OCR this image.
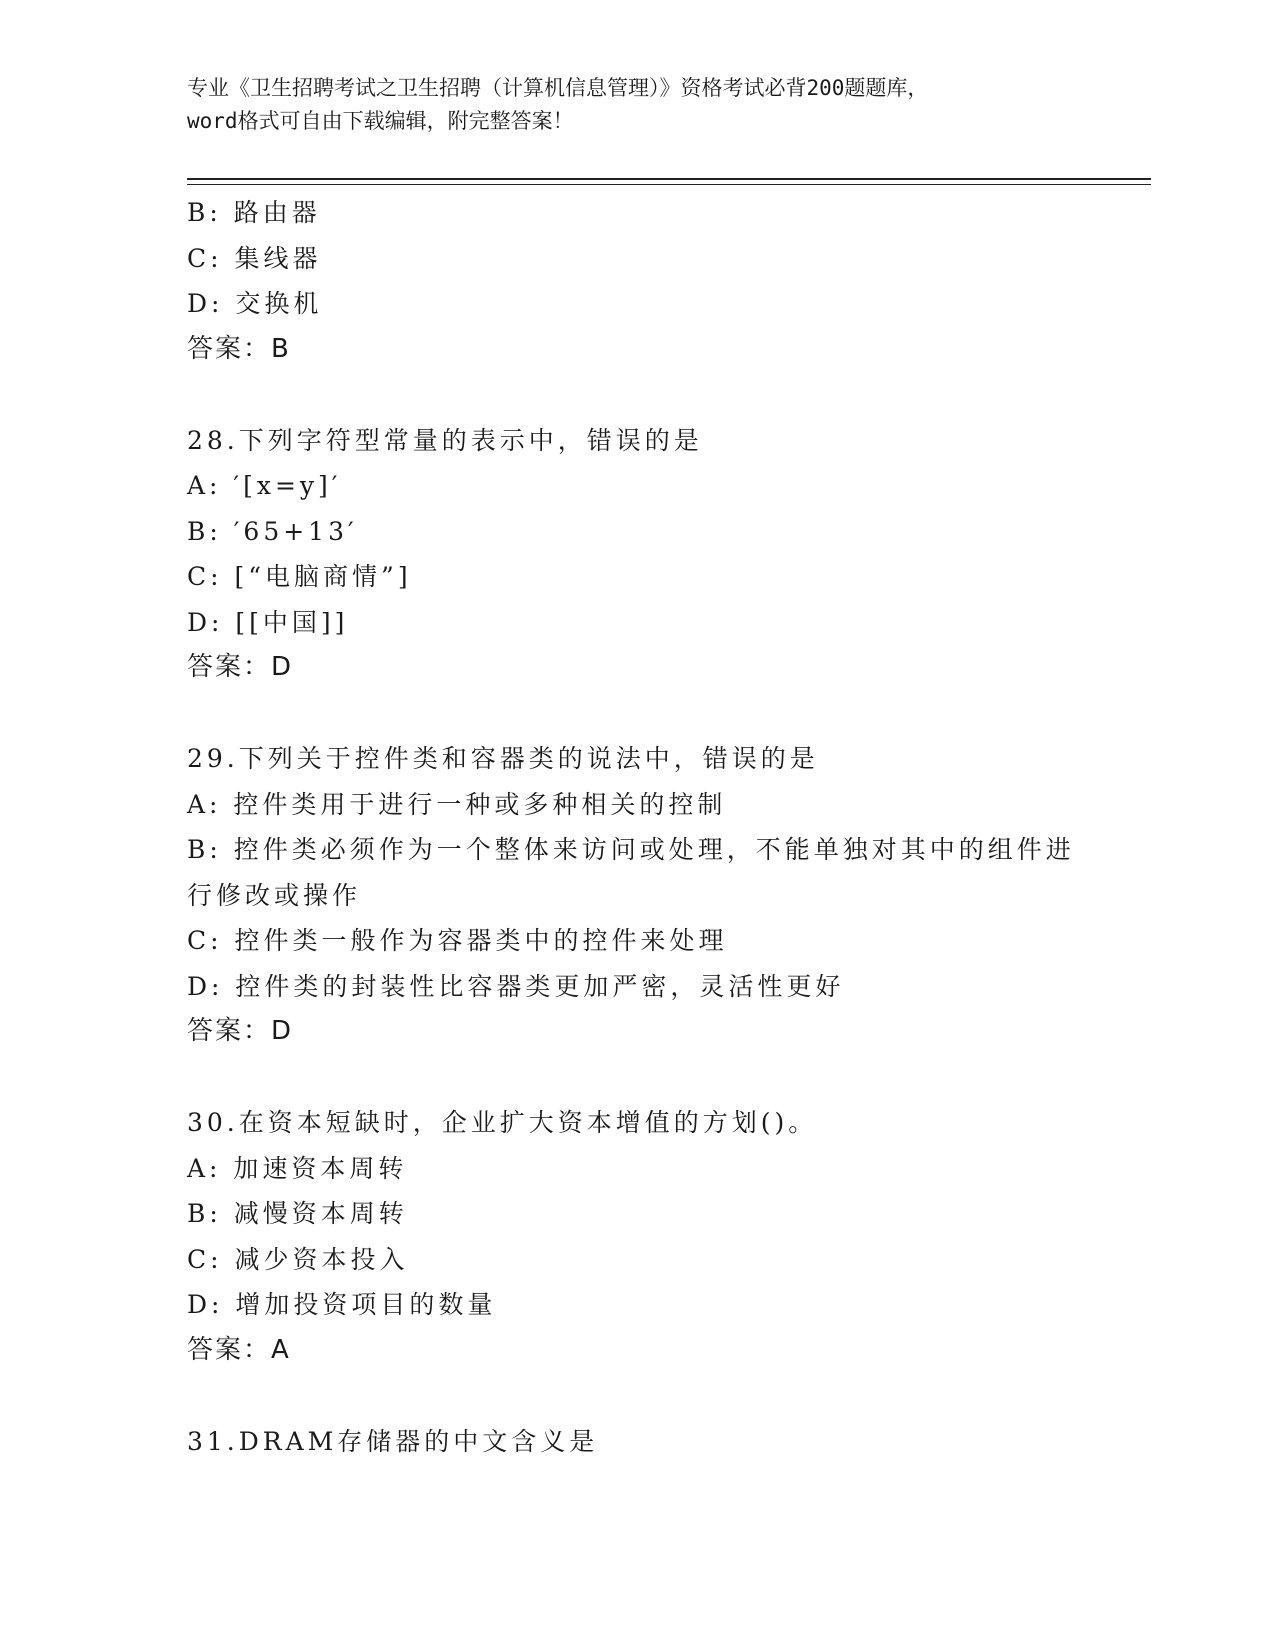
专业《卫生招聘考试之卫生招聘（计算机信息管理）》资格考试必背200题题库，
word格式可自由下载编辑，附完整答案！
B: 路由器
C: 集线器
D: 交换机
答案：B
28.下列字符型常量的表示中，错误的是
A: ′[x=y]′
B: ′65+13′
C: [“电脑商情”]
D: [[中国]]
答案：D
29.下列关于控件类和容器类的说法中，错误的是
A: 控件类用于进行一种或多种相关的控制
B: 控件类必须作为一个整体来访问或处理，不能单独对其中的组件进
行修改或操作
C: 控件类一般作为容器类中的控件来处理
D: 控件类的封装性比容器类更加严密，灵活性更好
答案：D
30.在资本短缺时，企业扩大资本增值的方划()。
A: 加速资本周转
B: 减慢资本周转
C: 减少资本投入
D: 增加投资项目的数量
答案：A
31.DRAM存储器的中文含义是
